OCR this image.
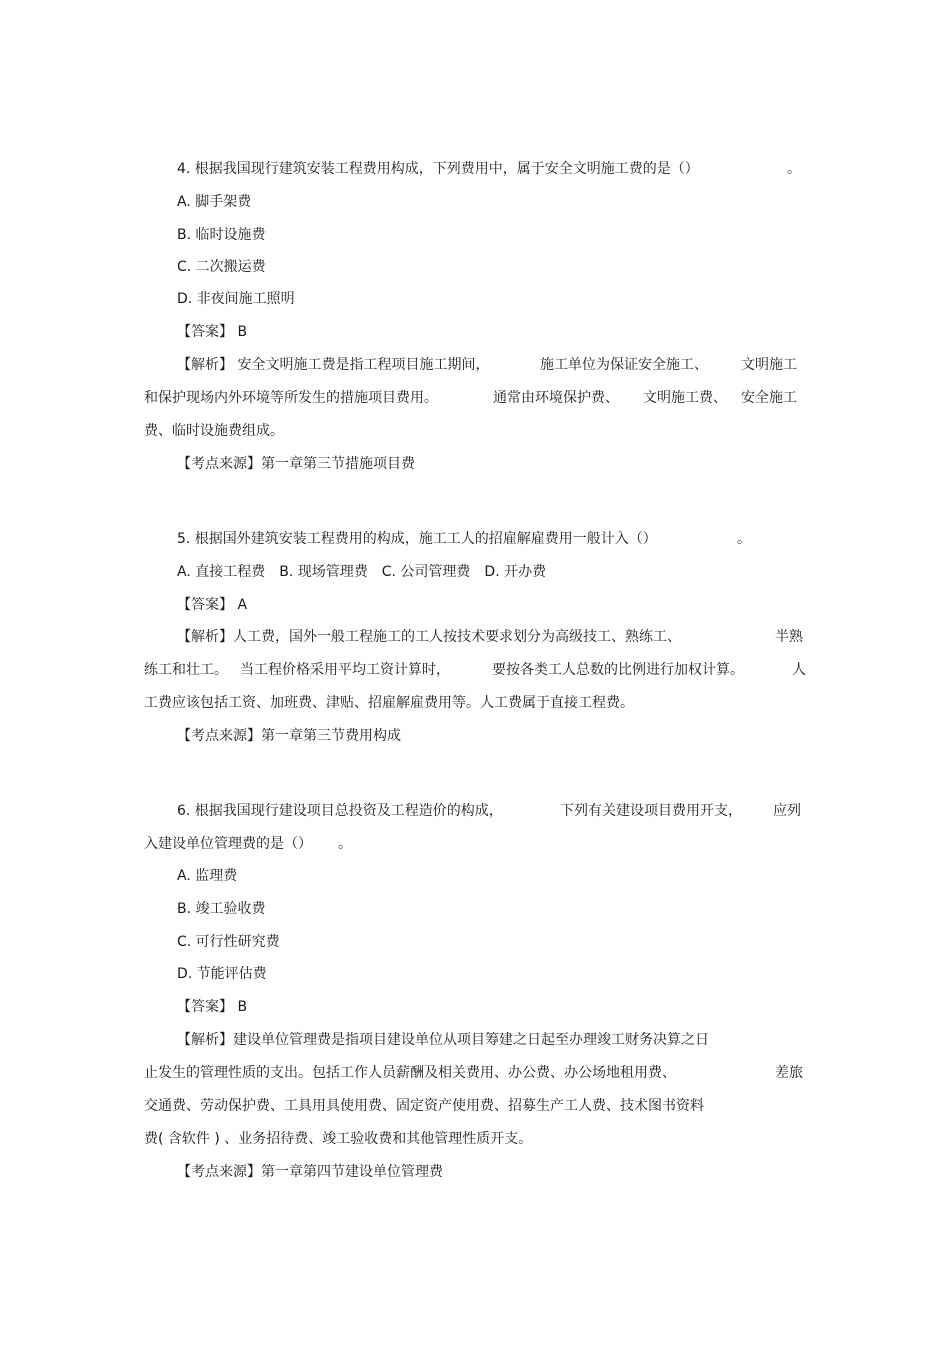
4. 根据我国现行建筑安装工程费用构成，下列费用中，属于安全文明施工费的是（）	。

A. 脚手架费

B. 临时设施费

C. 二次搬运费

D. 非夜间施工照明

【答案】 B

【解析】 安全文明施工费是指工程项目施工期间，	施工单位为保证安全施工、 文明施工
和保护现场内外环境等所发生的措施项目费用。	通常由环境保护费、 文明施工费、 安全施工
费、临时设施费组成。

【考点来源】第一章第三节措施项目费

5. 根据国外建筑安装工程费用的构成，施工工人的招雇解雇费用一般计入（）	。

A. 直接工程费　B. 现场管理费　C. 公司管理费　D. 开办费

【答案】 A

【解析】人工费，国外一般工程施工的工人按技术要求划分为高级技工、熟练工、	半熟
练工和壮工。 当工程价格采用平均工资计算时，	要按各类工人总数的比例进行加权计算。	人
工费应该包括工资、加班费、津贴、招雇解雇费用等。人工费属于直接工程费。

【考点来源】第一章第三节费用构成

6. 根据我国现行建设项目总投资及工程造价的构成，	下列有关建设项目费用开支， 应列
入建设单位管理费的是（） 。

A. 监理费

B. 竣工验收费

C. 可行性研究费

D. 节能评估费

【答案】 B

【解析】建设单位管理费是指项目建设单位从项目筹建之日起至办理竣工财务决算之日
止发生的管理性质的支出。包括工作人员薪酬及相关费用、办公费、办公场地租用费、	差旅
交通费、劳动保护费、工具用具使用费、固定资产使用费、招募生产工人费、技术图书资料
费( 含软件 ) 、业务招待费、竣工验收费和其他管理性质开支。

【考点来源】第一章第四节建设单位管理费
